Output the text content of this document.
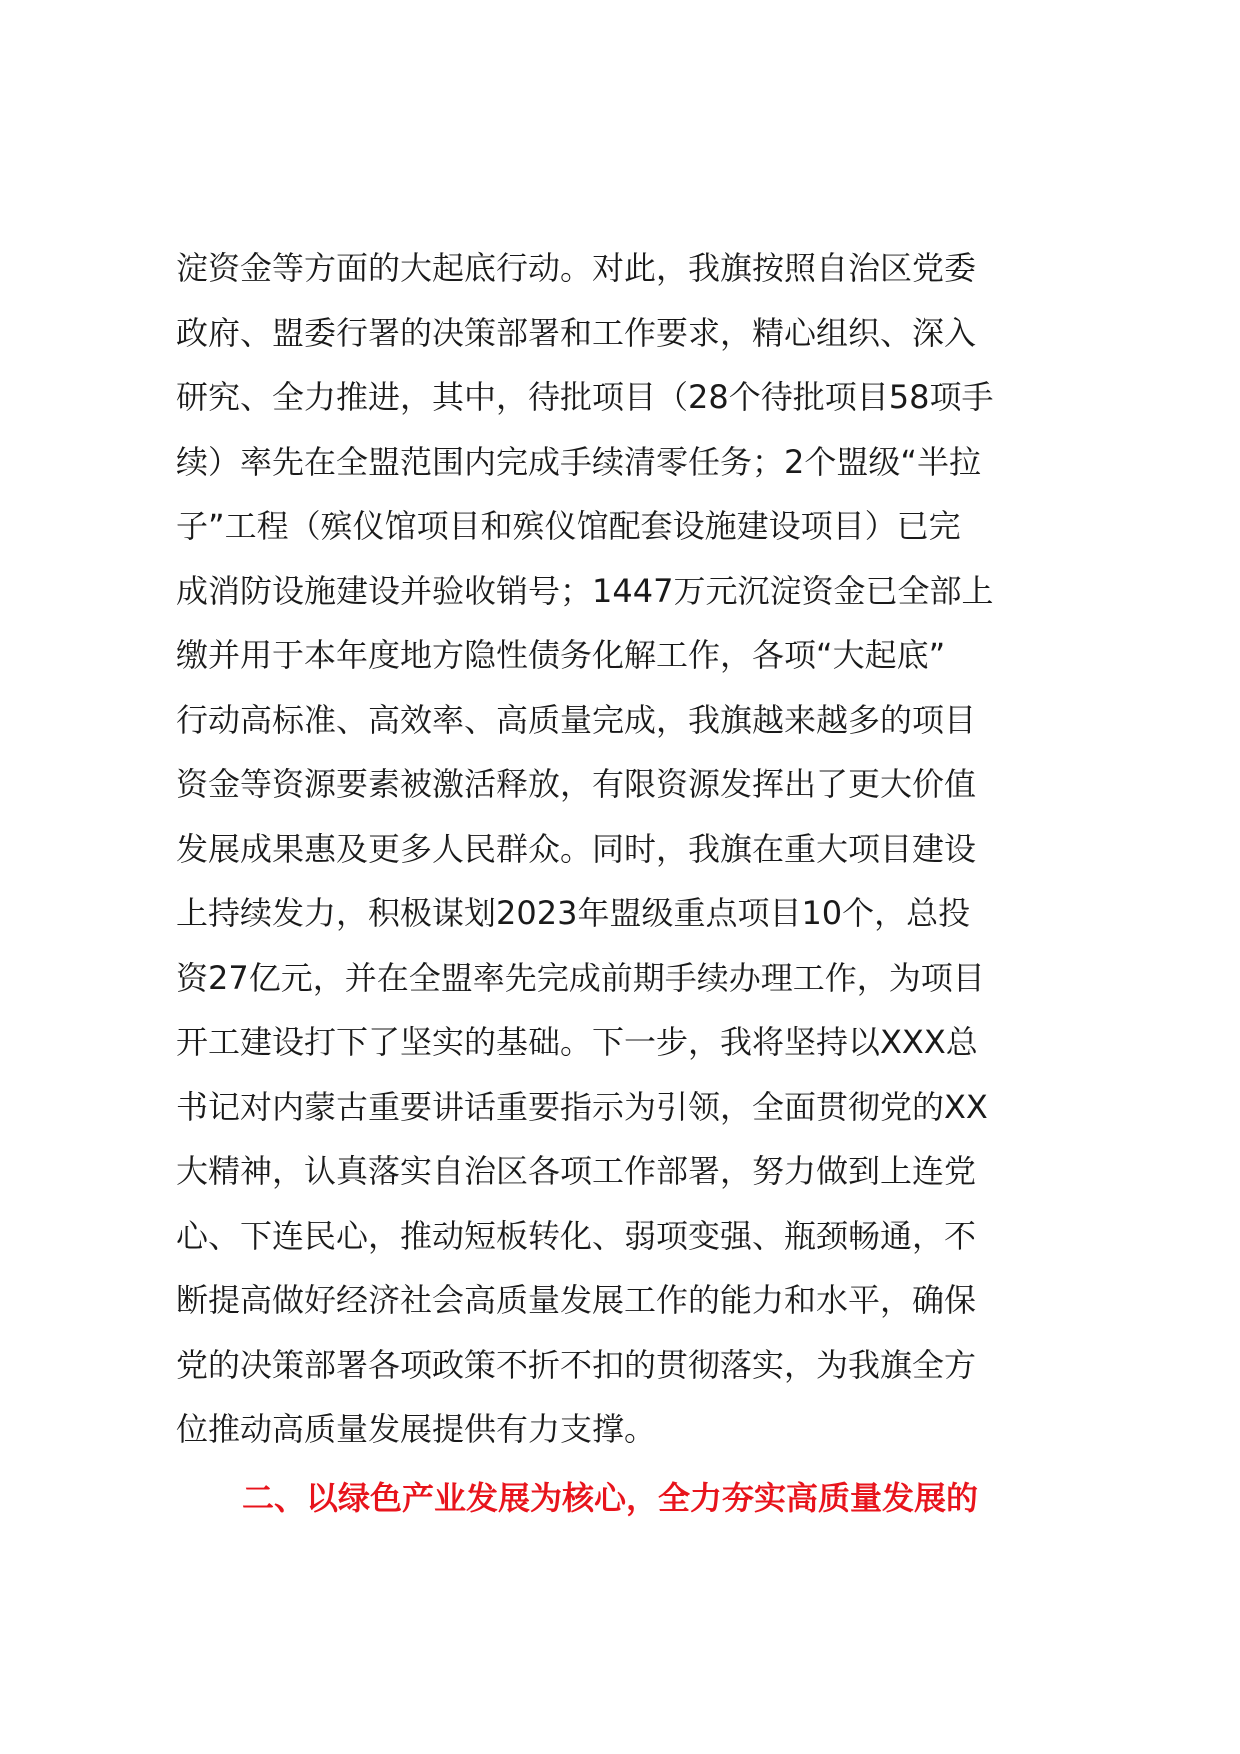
淀资金等方面的大起底行动。对此，我旗按照自治区党委
政府、盟委行署的决策部署和工作要求，精心组织、深入
研究、全力推进，其中，待批项目（28个待批项目58项手
续）率先在全盟范围内完成手续清零任务；2个盟级“半拉
子”工程（殡仪馆项目和殡仪馆配套设施建设项目）已完
成消防设施建设并验收销号；1447万元沉淀资金已全部上
缴并用于本年度地方隐性债务化解工作，各项“大起底”
行动高标准、高效率、高质量完成，我旗越来越多的项目
资金等资源要素被激活释放，有限资源发挥出了更大价值
发展成果惠及更多人民群众。同时，我旗在重大项目建设
上持续发力，积极谋划2023年盟级重点项目10个，总投
资27亿元，并在全盟率先完成前期手续办理工作，为项目
开工建设打下了坚实的基础。下一步，我将坚持以XXX总
书记对内蒙古重要讲话重要指示为引领，全面贯彻党的XX
大精神，认真落实自治区各项工作部署，努力做到上连党
心、下连民心，推动短板转化、弱项变强、瓶颈畅通，不
断提高做好经济社会高质量发展工作的能力和水平，确保
党的决策部署各项政策不折不扣的贯彻落实，为我旗全方
位推动高质量发展提供有力支撑。
二、以绿色产业发展为核心，全力夯实高质量发展的
